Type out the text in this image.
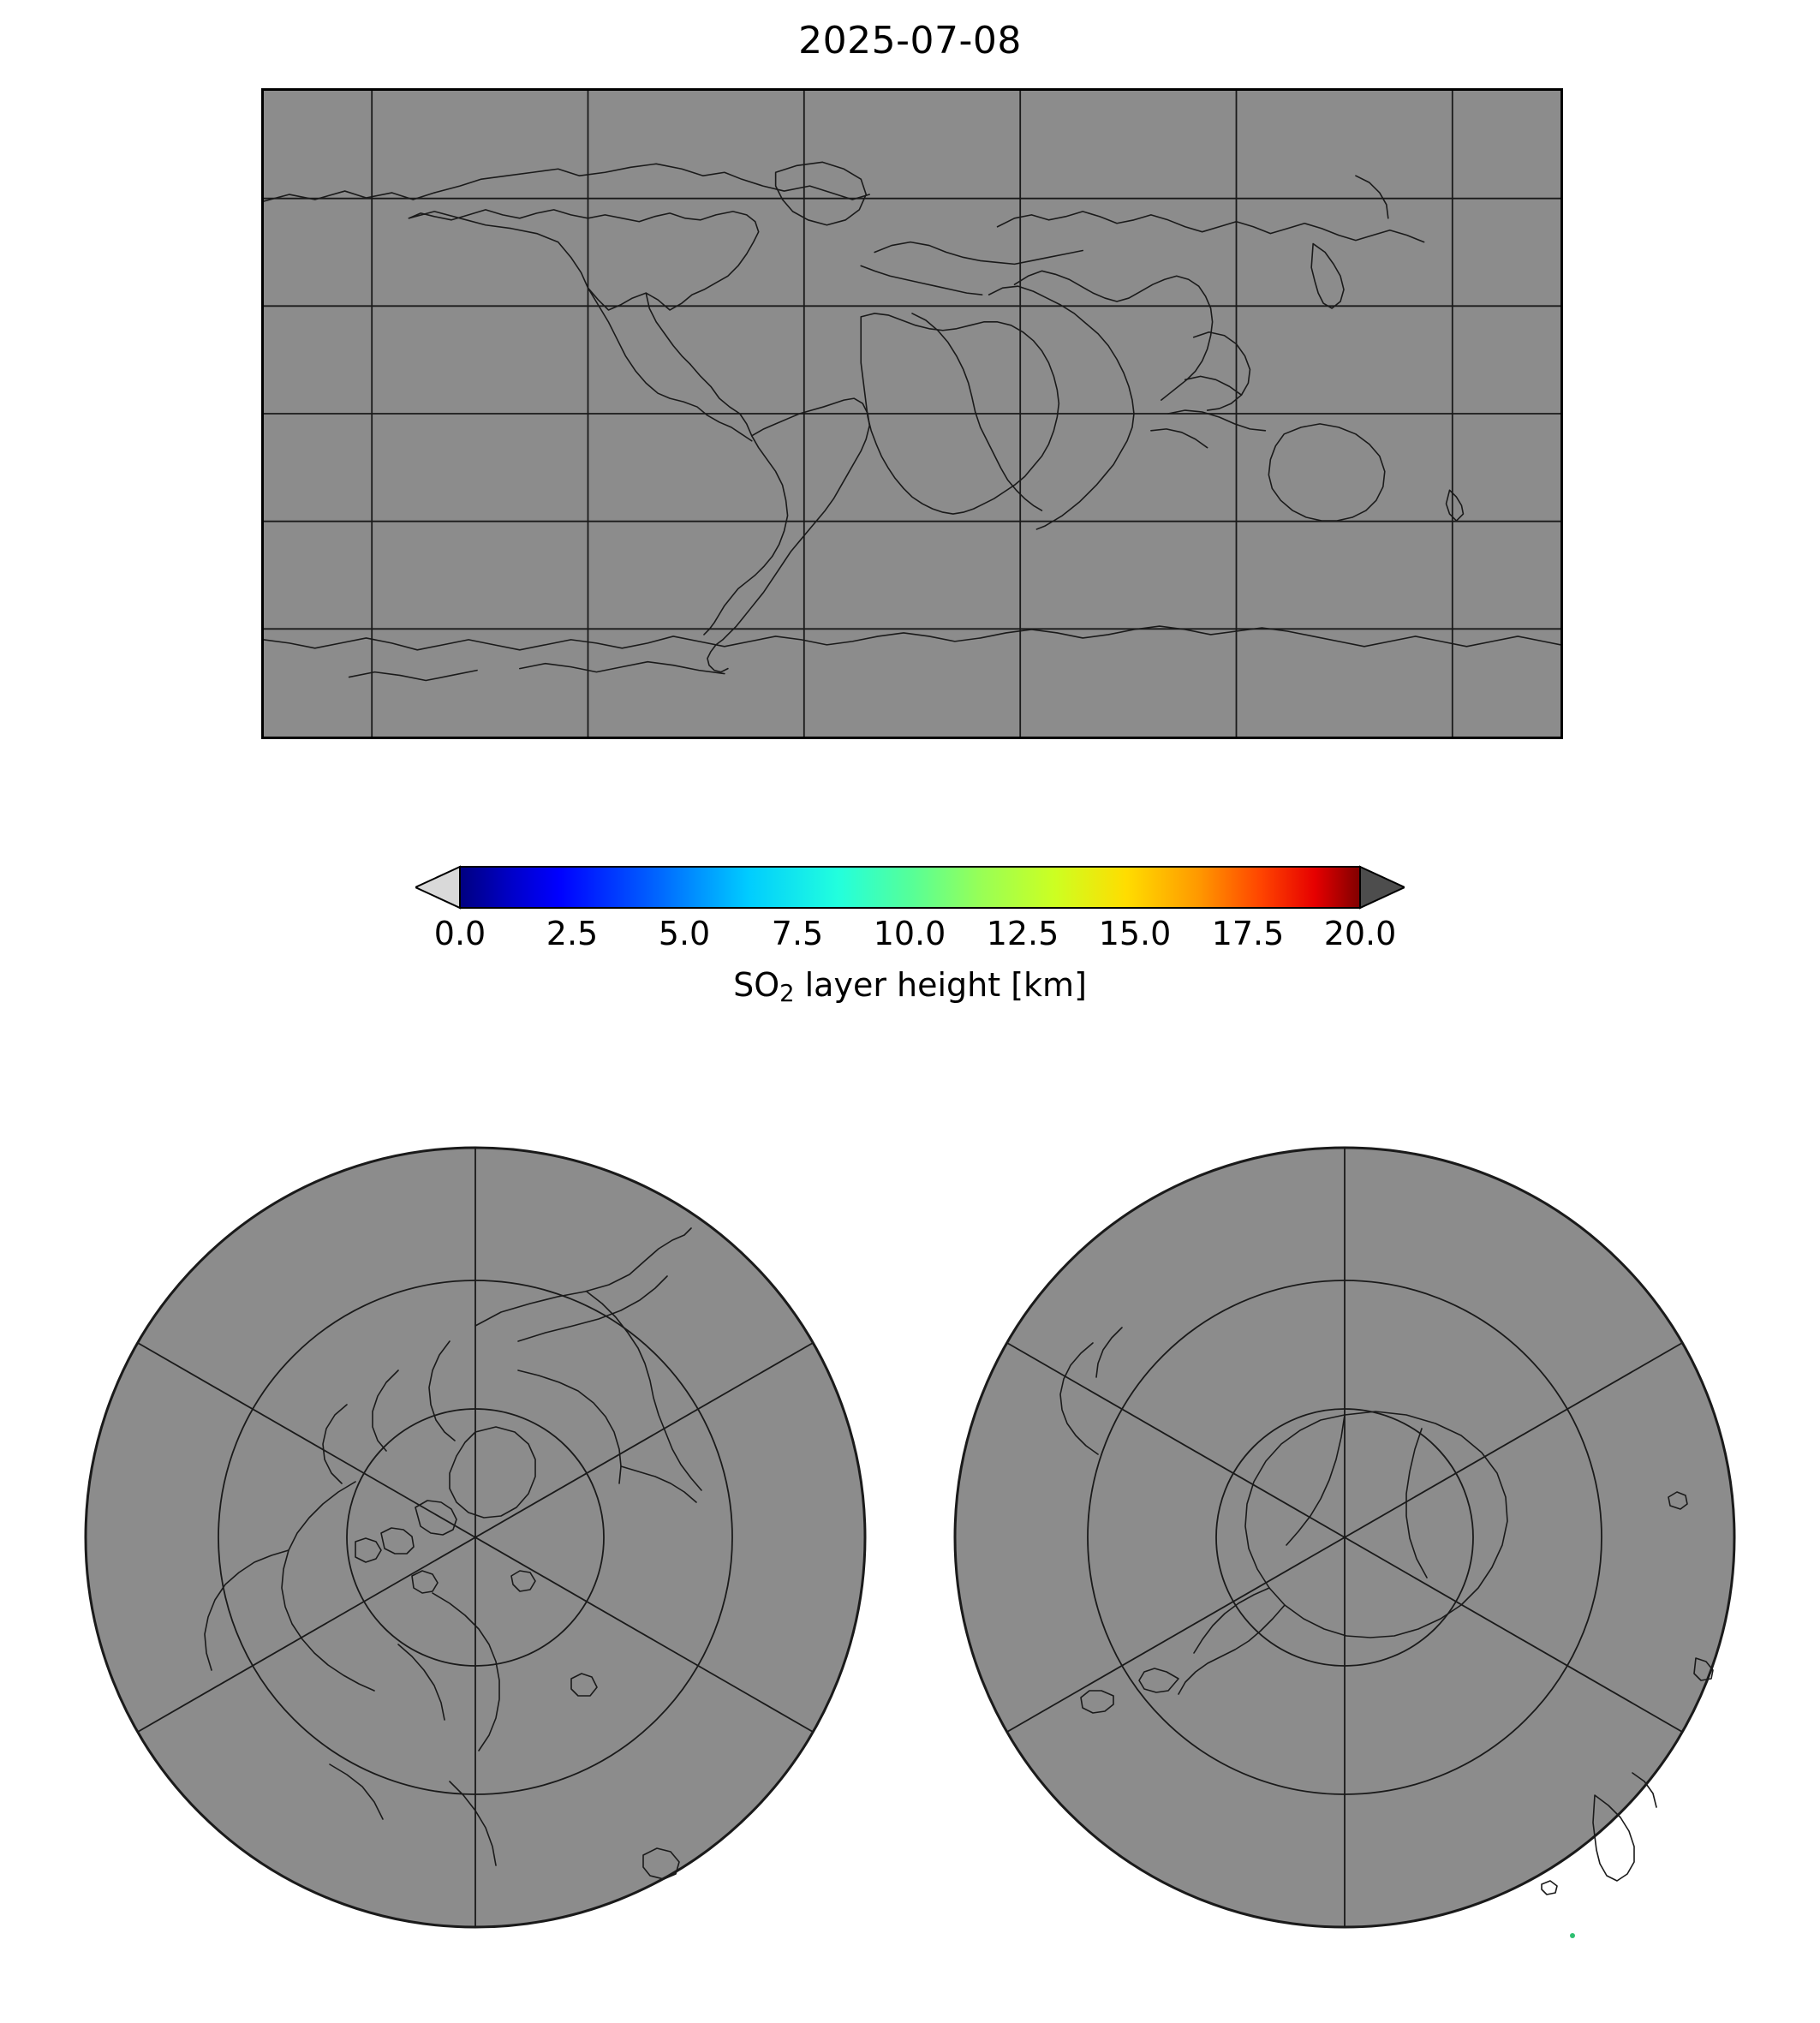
2025-07-08
0.0 2.5 5.0 7.5 10.0 12.5 15.0 17.5 20.0
$SO_2$ layer height [km]
